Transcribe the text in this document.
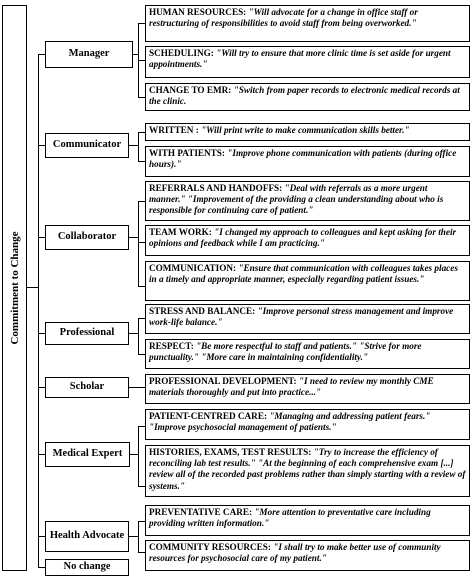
Commitment to Change
Manager
Communicator
Collaborator
Professional
Scholar
Medical Expert
Health Advocate
No change
HUMAN RESOURCES: "Will advocate for a change in office staff or restructuring of responsibilities to avoid staff from being overworked."
SCHEDULING: "Will try to ensure that more clinic time is set aside for urgent appointments."
CHANGE TO EMR: "Switch from paper records to electronic medical records at the clinic.
WRITTEN : "Will print write to make communication skills better."
WITH PATIENTS: "Improve phone communication with patients (during office hours)."
REFERRALS AND HANDOFFS: "Deal with referrals as a more urgent manner." "Improvement of the providing a clean understanding about who is responsible for continuing care of patient."
TEAM WORK: "I changed my approach to colleagues and kept asking for their opinions and feedback while I am practicing."
COMMUNICATION: "Ensure that communication with colleagues takes places in a timely and appropriate manner, especially regarding patient issues."
STRESS AND BALANCE: "Improve personal stress management and improve work-life balance."
RESPECT: "Be more respectful to staff and patients." "Strive for more punctuality." "More care in maintaining confidentiality."
PROFESSIONAL DEVELOPMENT: "I need to review my monthly CME materials thoroughly and put into practice..."
PATIENT-CENTRED CARE: "Managing and addressing patient fears." "Improve psychosocial management of patients."
HISTORIES, EXAMS, TEST RESULTS: "Try to increase the efficiency of reconciling lab test results." "At the beginning of each comprehensive exam [...] review all of the recorded past problems rather than simply starting with a review of systems."
PREVENTATIVE CARE: "More attention to preventative care including providing written information."
COMMUNITY RESOURCES: "I shall try to make better use of community resources for psychosocial care of my patient."
